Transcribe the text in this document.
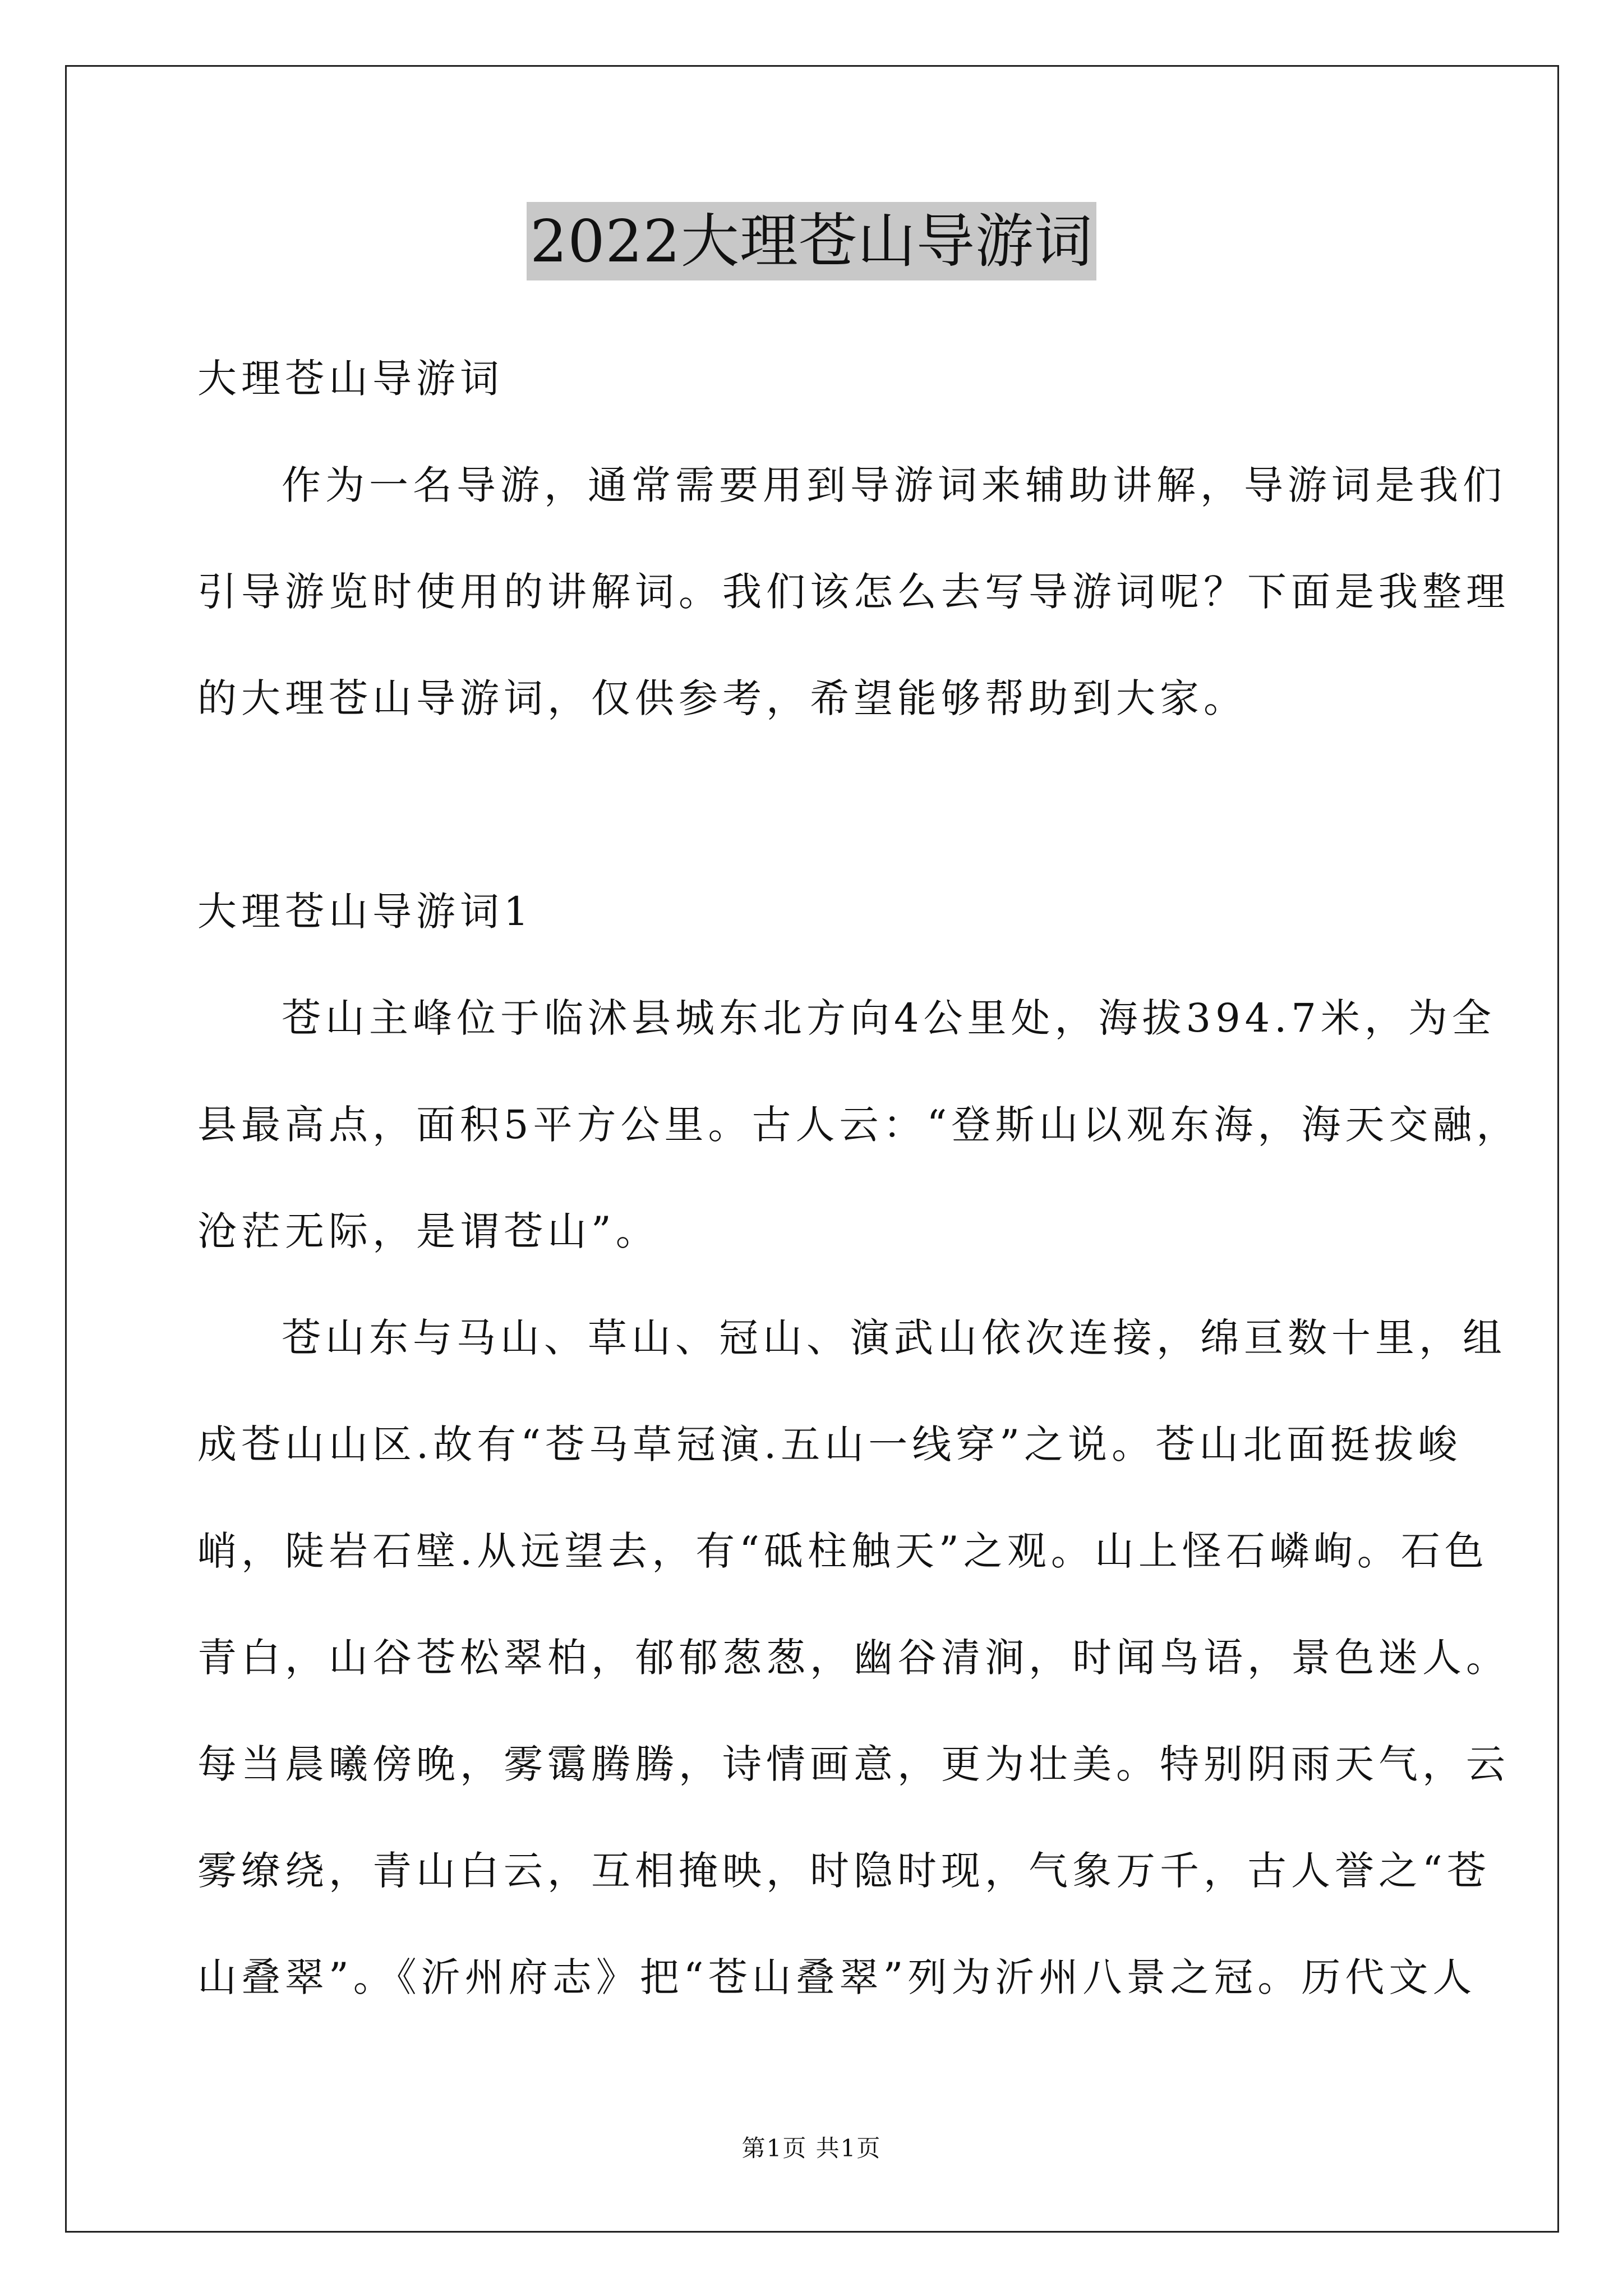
2022大理苍山导游词
大理苍山导游词
作为一名导游，通常需要用到导游词来辅助讲解，导游词是我们
引导游览时使用的讲解词。我们该怎么去写导游词呢？下面是我整理
的大理苍山导游词，仅供参考，希望能够帮助到大家。
大理苍山导游词1
苍山主峰位于临沭县城东北方向4公里处，海拔394.7米，为全
县最高点，面积5平方公里。古人云：“登斯山以观东海，海天交融，
沧茫无际，是谓苍山”。
苍山东与马山、草山、冠山、演武山依次连接，绵亘数十里，组
成苍山山区.故有“苍马草冠演.五山一线穿”之说。苍山北面挺拔峻
峭，陡岩石壁.从远望去，有“砥柱触天”之观。山上怪石嶙峋。石色
青白，山谷苍松翠柏，郁郁葱葱，幽谷清涧，时闻鸟语，景色迷人。
每当晨曦傍晚，雾霭腾腾，诗情画意，更为壮美。特别阴雨天气，云
雾缭绕，青山白云，互相掩映，时隐时现，气象万千，古人誉之“苍
山叠翠”。《沂州府志》把“苍山叠翠”列为沂州八景之冠。历代文人
第1页 共1页
